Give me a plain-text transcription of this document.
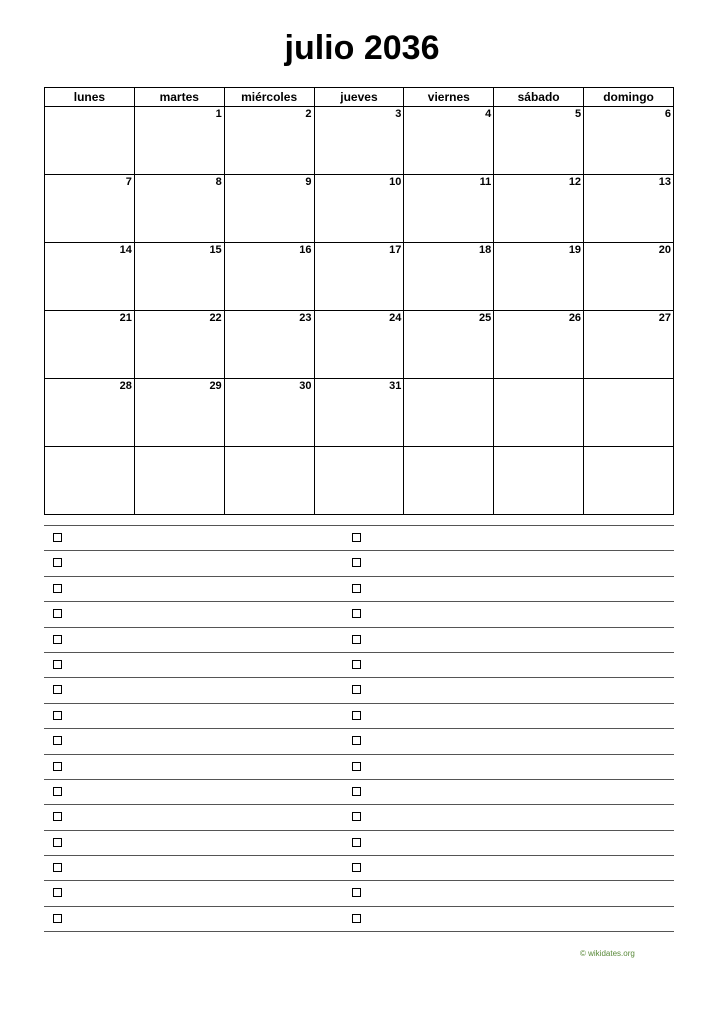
julio 2036
lunes	martes	miércoles	jueves	viernes	sábado	domingo

	1	2	3	4	5	6

7	8	9	10	11	12	13

14	15	16	17	18	19	20

21	22	23	24	25	26	27

28	29	30	31			

© wikidates.org
